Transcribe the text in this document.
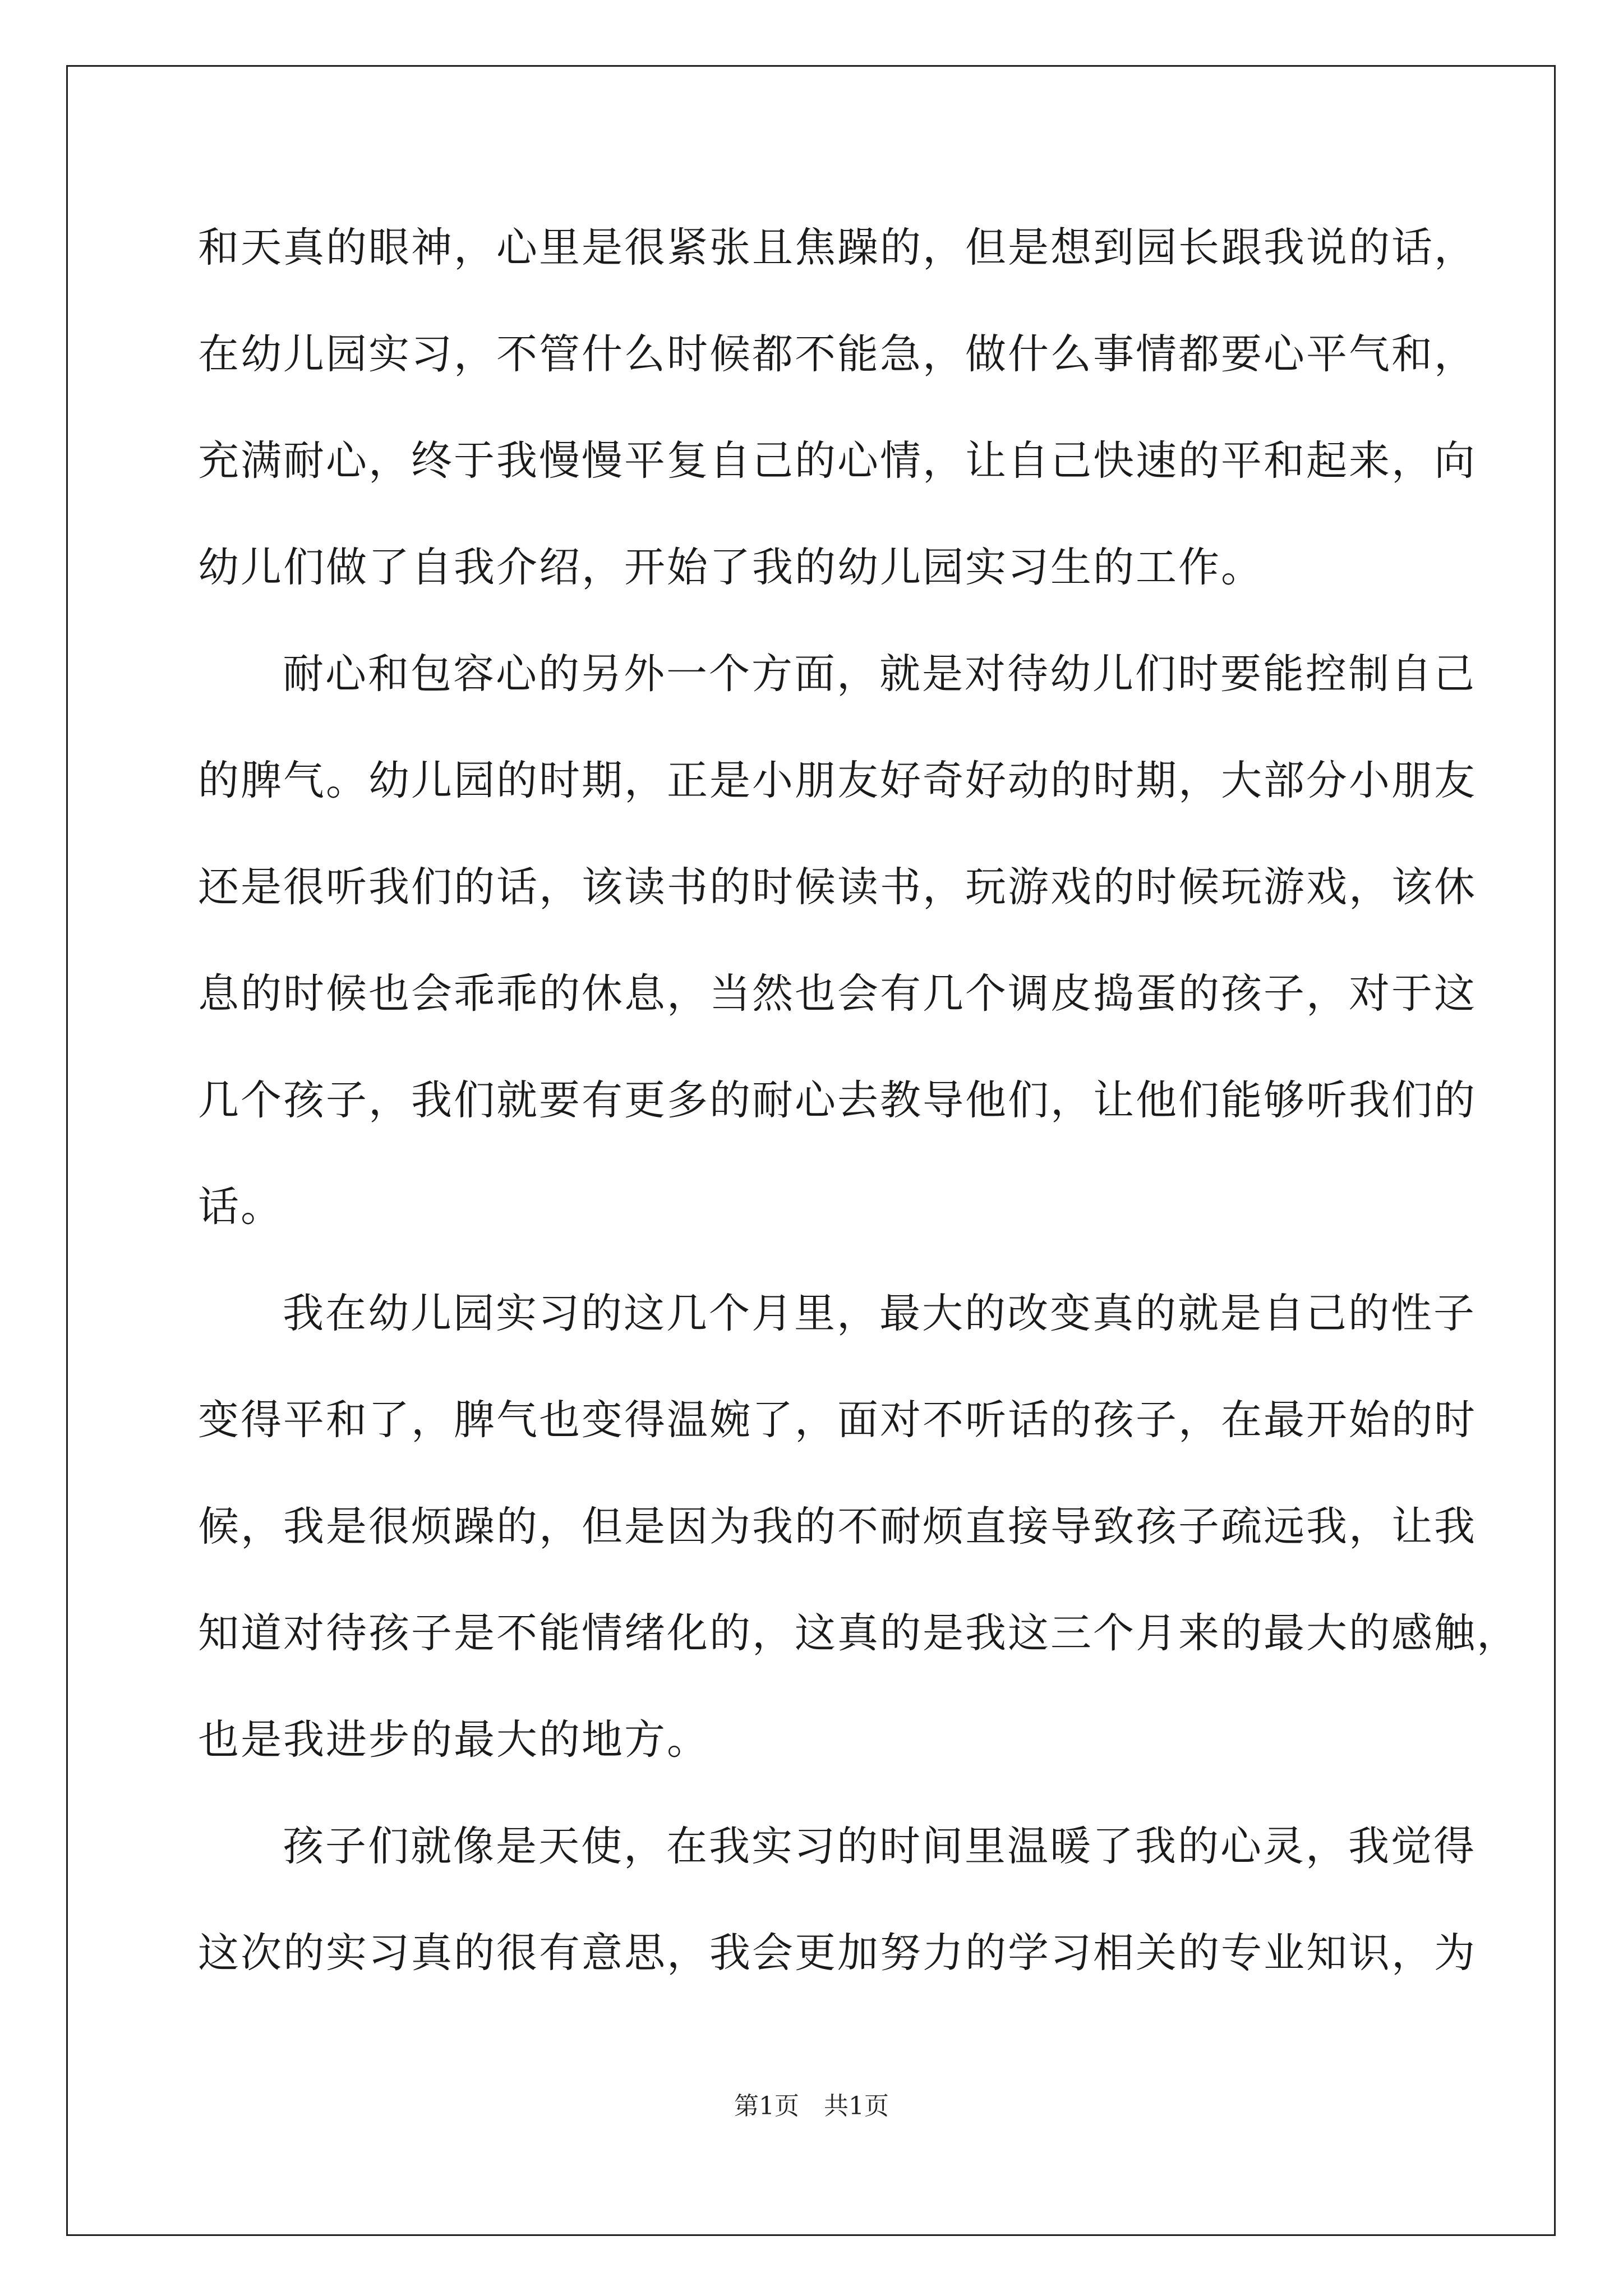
和天真的眼神，心里是很紧张且焦躁的，但是想到园长跟我说的话，
在幼儿园实习，不管什么时候都不能急，做什么事情都要心平气和，
充满耐心，终于我慢慢平复自己的心情，让自己快速的平和起来，向
幼儿们做了自我介绍，开始了我的幼儿园实习生的工作。
耐心和包容心的另外一个方面，就是对待幼儿们时要能控制自己
的脾气。幼儿园的时期，正是小朋友好奇好动的时期，大部分小朋友
还是很听我们的话，该读书的时候读书，玩游戏的时候玩游戏，该休
息的时候也会乖乖的休息，当然也会有几个调皮捣蛋的孩子，对于这
几个孩子，我们就要有更多的耐心去教导他们，让他们能够听我们的
话。
我在幼儿园实习的这几个月里，最大的改变真的就是自己的性子
变得平和了，脾气也变得温婉了，面对不听话的孩子，在最开始的时
候，我是很烦躁的，但是因为我的不耐烦直接导致孩子疏远我，让我
知道对待孩子是不能情绪化的，这真的是我这三个月来的最大的感触，
也是我进步的最大的地方。
孩子们就像是天使，在我实习的时间里温暖了我的心灵，我觉得
这次的实习真的很有意思，我会更加努力的学习相关的专业知识，为
第1页 共1页
